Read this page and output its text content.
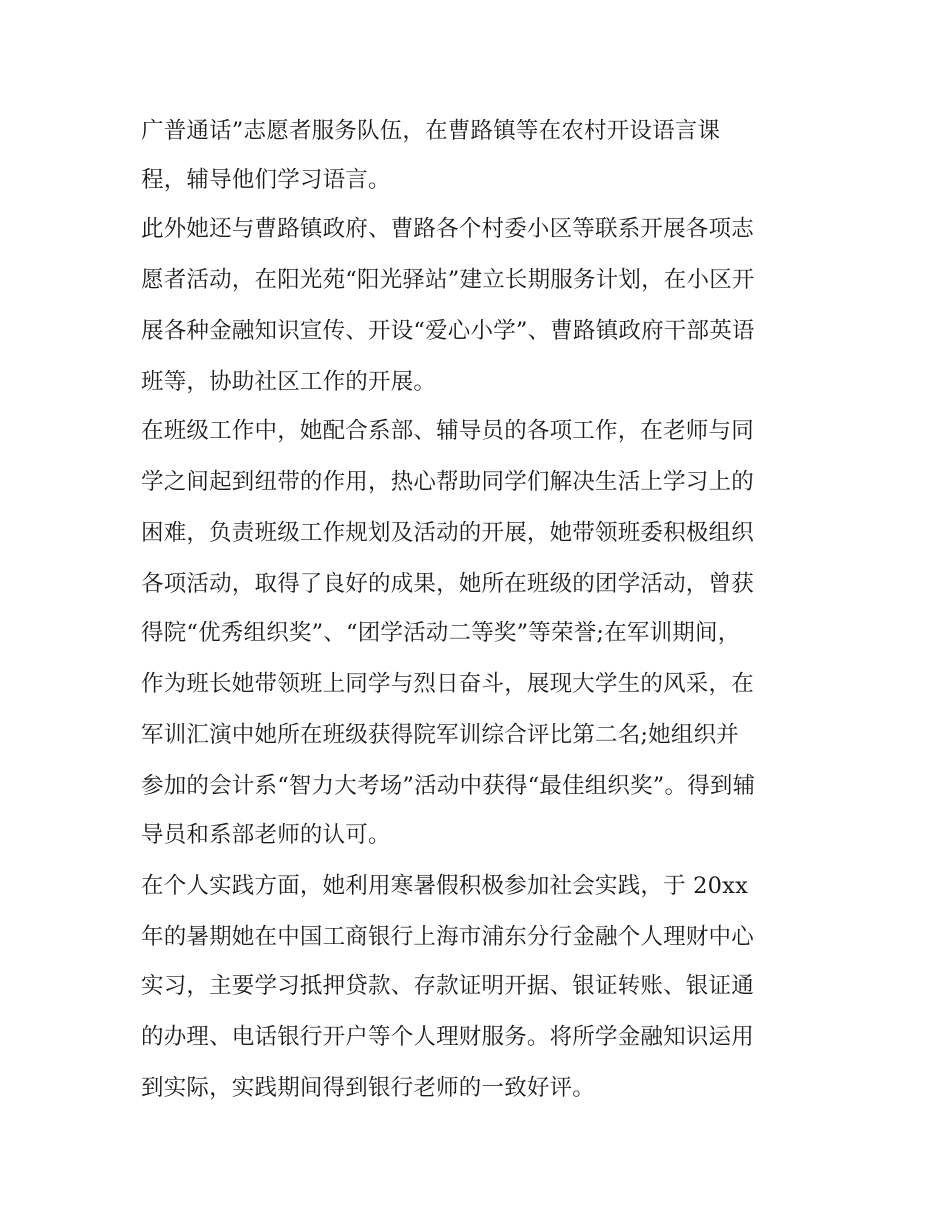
广普通话”志愿者服务队伍，在曹路镇等在农村开设语言课
程，辅导他们学习语言。
此外她还与曹路镇政府、曹路各个村委小区等联系开展各项志
愿者活动，在阳光苑“阳光驿站”建立长期服务计划，在小区开
展各种金融知识宣传、开设“爱心小学”、曹路镇政府干部英语
班等，协助社区工作的开展。
在班级工作中，她配合系部、辅导员的各项工作，在老师与同
学之间起到纽带的作用，热心帮助同学们解决生活上学习上的
困难，负责班级工作规划及活动的开展，她带领班委积极组织
各项活动，取得了良好的成果，她所在班级的团学活动，曾获
得院“优秀组织奖”、“团学活动二等奖”等荣誉;在军训期间，
作为班长她带领班上同学与烈日奋斗，展现大学生的风采，在
军训汇演中她所在班级获得院军训综合评比第二名;她组织并
参加的会计系“智力大考场”活动中获得“最佳组织奖”。得到辅
导员和系部老师的认可。
在个人实践方面，她利用寒暑假积极参加社会实践，于 20xx
年的暑期她在中国工商银行上海市浦东分行金融个人理财中心
实习，主要学习抵押贷款、存款证明开据、银证转账、银证通
的办理、电话银行开户等个人理财服务。将所学金融知识运用
到实际，实践期间得到银行老师的一致好评。
